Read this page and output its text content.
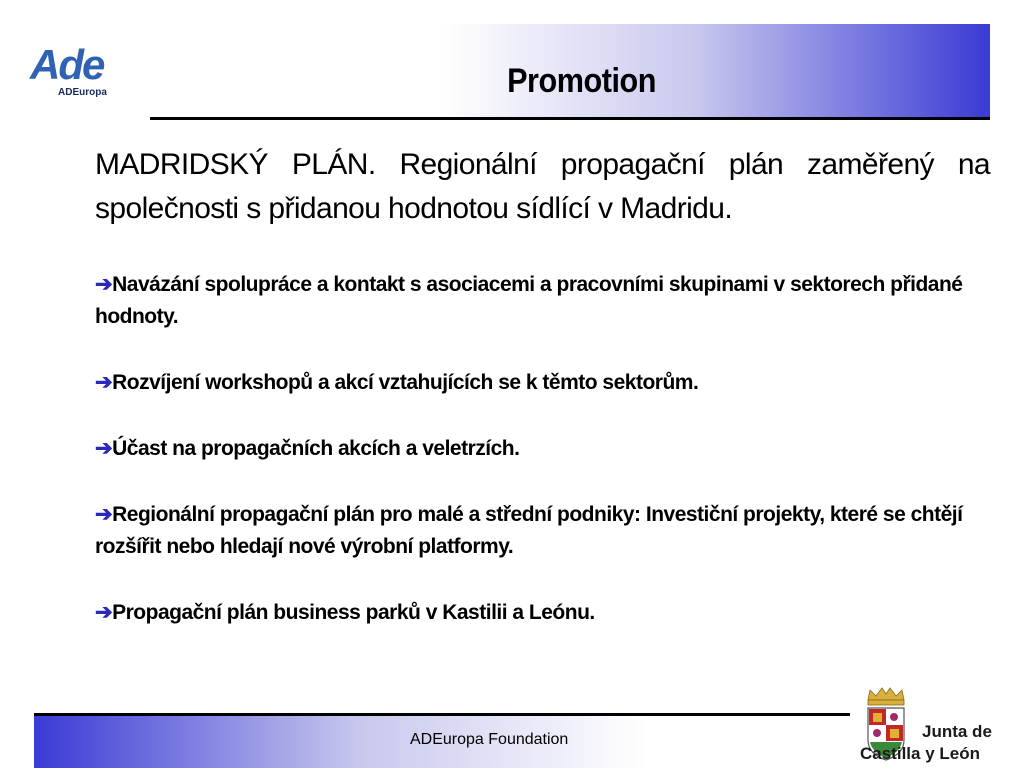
Ade
ADEuropa	Promotion

MADRIDSKÝ PLÁN. Regionální propagační plán zaměřený na společnosti s přidanou hodnotou sídlící v Madridu.

➔Navázání spolupráce a kontakt s asociacemi a pracovními skupinami v sektorech přidané hodnoty.

➔Rozvíjení workshopů a akcí vztahujících se k těmto sektorům.

➔Účast na propagačních akcích a veletrzích.

➔Regionální propagační plán pro malé a střední podniky: Investiční projekty, které se chtějí rozšířit nebo hledají nové výrobní platformy.

➔Propagační plán business parků v Kastilii a Leónu.

ADEuropa Foundation	Junta de
Castilla y León
